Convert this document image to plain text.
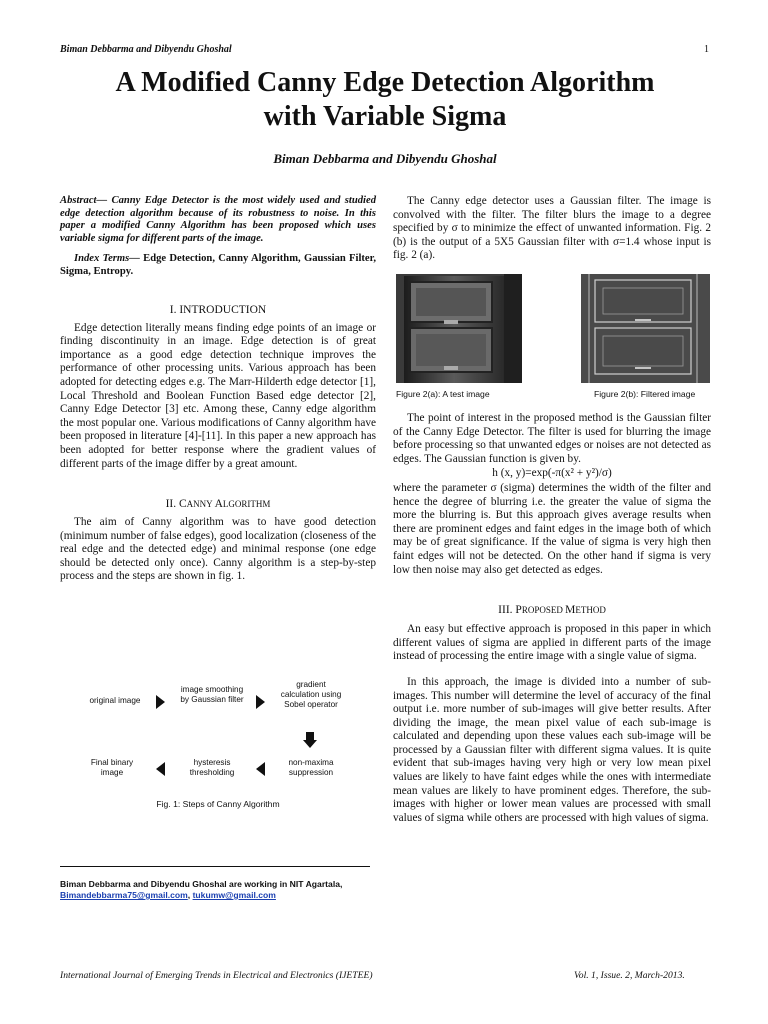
Biman Debbarma and Dibyendu Ghoshal	1
A Modified Canny Edge Detection Algorithm
with Variable Sigma
Biman Debbarma and Dibyendu Ghoshal
Abstract— Canny Edge Detector is the most widely used and studied edge detection algorithm because of its robustness to noise. In this paper a modified Canny Algorithm has been proposed which uses variable sigma for different parts of the image.
Index Terms— Edge Detection, Canny Algorithm, Gaussian Filter, Sigma, Entropy.
I. INTRODUCTION

Edge detection literally means finding edge points of an image or finding discontinuity in an image. Edge detection is of great importance as a good edge detection technique improves the performance of other processing units. Various approach has been adopted for detecting edges e.g. The Marr-Hilderth edge detector [1], Local Threshold and Boolean Function Based edge detector [2], Canny Edge Detector [3] etc. Among these, Canny edge algorithm the most popular one. Various modifications of Canny algorithm have been proposed in literature [4]-[11]. In this paper a new approach has been adopted for better response where the gradient values of different parts of the image differ by a great amount.

II. CANNY ALGORITHM

The aim of Canny algorithm was to have good detection (minimum number of false edges), good localization (closeness of the real edge and the detected edge) and minimal response (one edge should be detected only once). Canny algorithm is a step-by-step process and the steps are shown in fig. 1.

original image
image smoothing by Gaussian filter
gradient calculation using Sobel operator
non-maxima suppression
hysteresis thresholding
Final binary image
Fig. 1: Steps of Canny Algorithm
Biman Debbarma and Dibyendu Ghoshal are working in NIT Agartala,
Bimandebbarma75@gmail.com, tukumw@gmail.com

The Canny edge detector uses a Gaussian filter. The image is convolved with the filter. The filter blurs the image to a degree specified by σ to minimize the effect of unwanted information. Fig. 2 (b) is the output of a 5X5 Gaussian filter with σ=1.4 whose input is fig. 2 (a).

Figure 2(a): A test image	Figure 2(b): Filtered image

The point of interest in the proposed method is the Gaussian filter of the Canny Edge Detector. The filter is used for blurring the image before processing so that unwanted edges or noises are not detected as edges. The Gaussian function is given by.

h (x, y)=exp(-π(x² + y²)/σ)
where the parameter σ (sigma) determines the width of the filter and hence the degree of blurring i.e. the greater the value of sigma the more the blurring is. But this approach gives average results when there are prominent edges and faint edges in the image both of which may be of great significance. If the value of sigma is very high then faint edges will not be detected. On the other hand if sigma is very low then noise may also get detected as edges.
III. PROPOSED METHOD

An easy but effective approach is proposed in this paper in which different values of sigma are applied in different parts of the image instead of processing the entire image with a single value of sigma.

In this approach, the image is divided into a number of sub-images. This number will determine the level of accuracy of the final output i.e. more number of sub-images will give better results. After dividing the image, the mean pixel value of each sub-image is calculated and depending upon these values each sub-image will be processed by a Gaussian filter with different sigma values. It is quite evident that sub-images having very high or very low mean pixel values are likely to have faint edges while the ones with intermediate mean values are likely to have prominent edges. Therefore, the sub-images with higher or lower mean values are processed with small values of sigma while others are processed with high values of sigma.

International Journal of Emerging Trends in Electrical and Electronics (IJETEE)	Vol. 1, Issue. 2, March-2013.
